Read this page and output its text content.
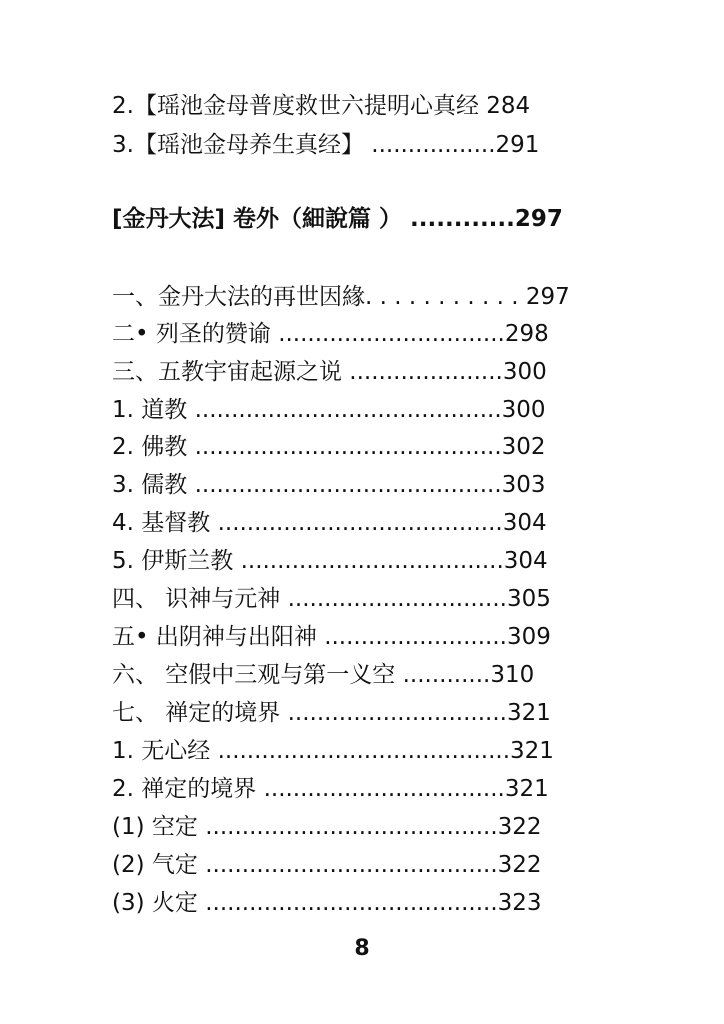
2.【瑶池金母普度救世六提明心真经 284
3.【瑶池金母养生真经】 .................291
[金丹大法] 卷外（細說篇 ） ............297
一、金丹大法的再世因緣. . . . . . . . . . . 297
二• 列圣的赞谕 ...............................298
三、五教宇宙起源之说 .....................300
1. 道教 ..........................................300
2. 佛教 ..........................................302
3. 儒教 ..........................................303
4. 基督教 .......................................304
5. 伊斯兰教 ....................................304
四、 识神与元神 ..............................305
五• 出阴神与出阳神 .........................309
六、 空假中三观与第一义空 ............310
七、 禅定的境界 ..............................321
1. 无心经 ........................................321
2. 禅定的境界 .................................321
(1) 空定 ........................................322
(2) 气定 ........................................322
(3) 火定 ........................................323
8
